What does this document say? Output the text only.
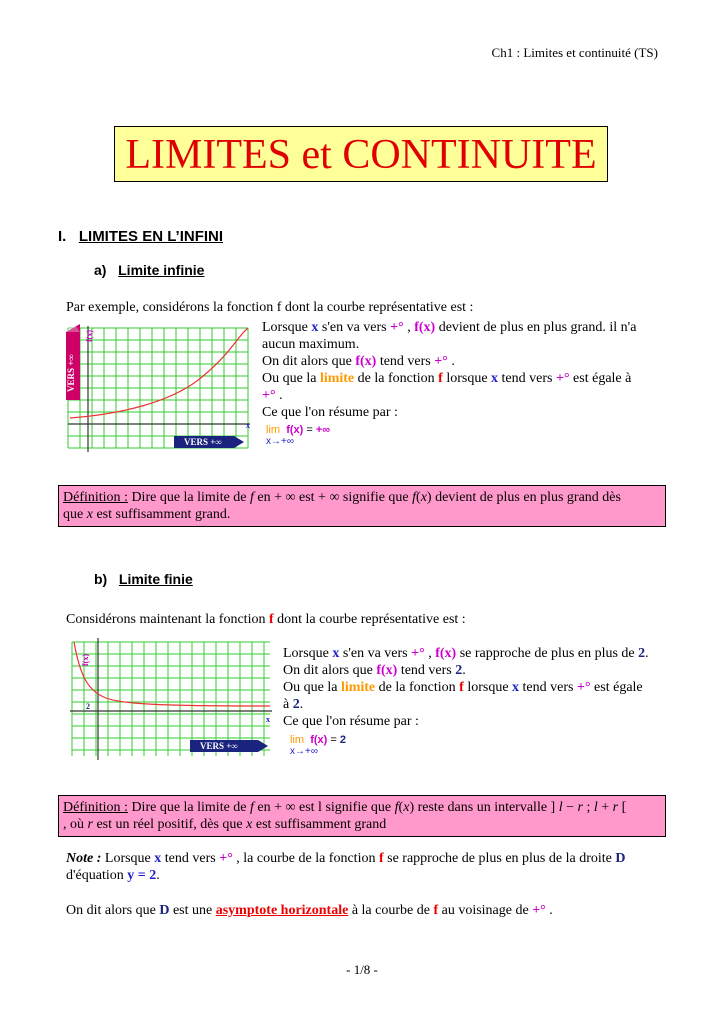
Ch1 : Limites et continuité (TS)
LIMITES et CONTINUITE
I. LIMITES EN L’INFINI
a) Limite infinie
Par exemple, considérons la fonction f dont la courbe représentative est :
VERS +∞
f(x)
x
VERS +∞
Lorsque x s'en va vers +° , f(x) devient de plus en plus grand. il n'a
aucun maximum.
On dit alors que f(x) tend vers +° .
Ou que la limite de la fonction f lorsque x tend vers +° est égale à
+° .
Ce que l'on résume par :
lim f(x) = +∞
x→+∞
Définition : Dire que la limite de f en + ∞ est + ∞ signifie que f(x) devient de plus en plus grand dès
que x est suffisamment grand.
b) Limite finie
Considérons maintenant la fonction f dont la courbe représentative est :
f(x)
2
x
VERS +∞
Lorsque x s'en va vers +° , f(x) se rapproche de plus en plus de 2.
On dit alors que f(x) tend vers 2.
Ou que la limite de la fonction f lorsque x tend vers +° est égale
à 2.
Ce que l'on résume par :
lim f(x) = 2
x→+∞
Définition : Dire que la limite de f en + ∞ est l signifie que f(x) reste dans un intervalle ] l − r ; l + r [
, où r est un réel positif, dès que x est suffisamment grand
Note : Lorsque x tend vers +° , la courbe de la fonction f se rapproche de plus en plus de la droite D
d'équation y = 2.
On dit alors que D est une asymptote horizontale à la courbe de f au voisinage de +° .
- 1/8 -
